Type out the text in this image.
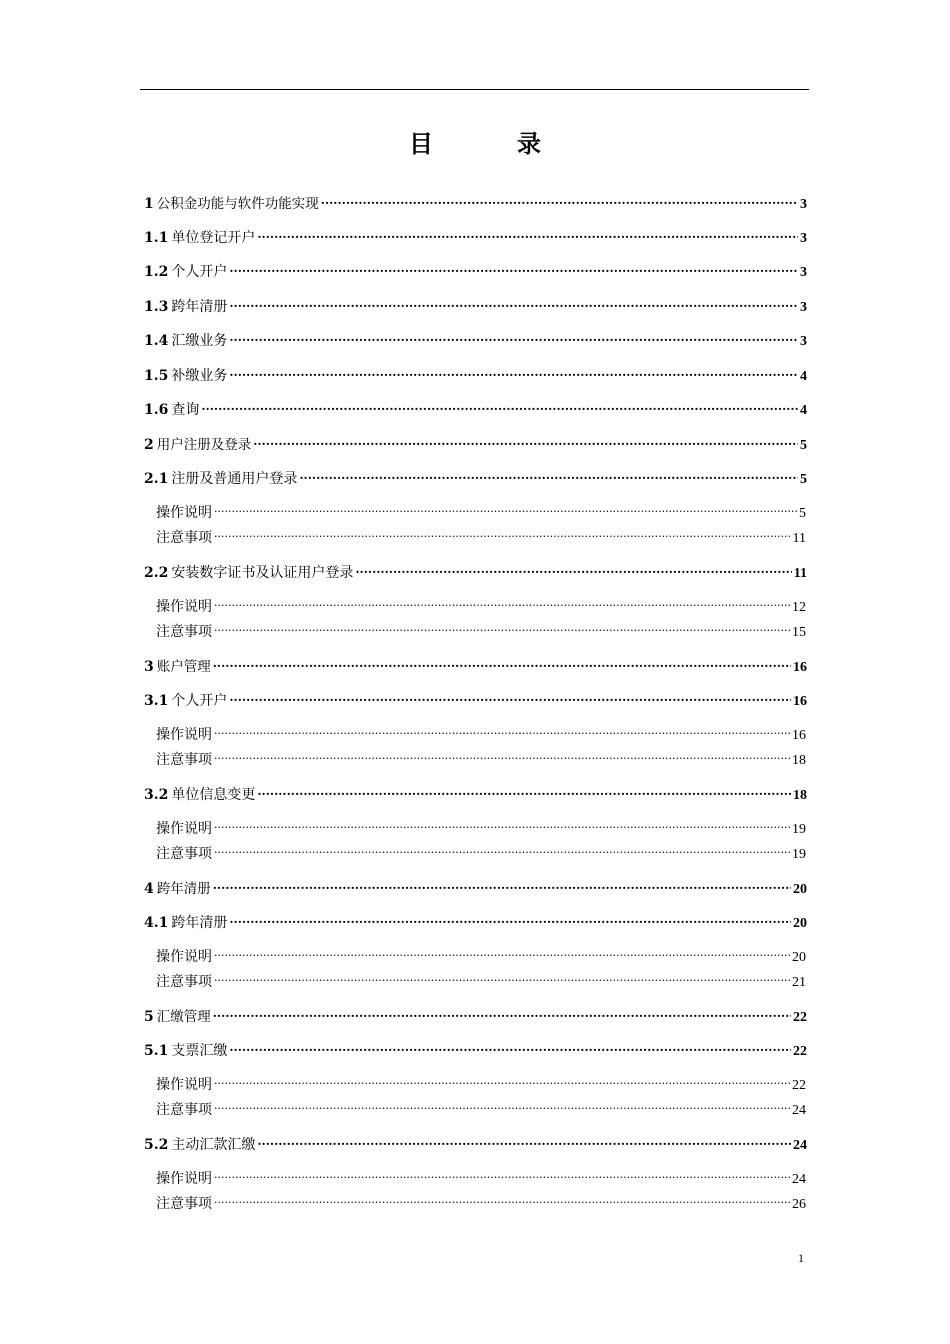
目　录
1 公积金功能与软件功能实现 .....	3
1.1 单位登记开户 .....	3
1.2 个人开户 .....	3
1.3 跨年清册 .....	3
1.4 汇缴业务 .....	3
1.5 补缴业务 .....	4
1.6 查询 .....	4
2 用户注册及登录 .....	5
2.1 注册及普通用户登录 .....	5
操作说明 .....	5
注意事项 .....	11
2.2 安装数字证书及认证用户登录 .....	11
操作说明 .....	12
注意事项 .....	15
3 账户管理 .....	16
3.1 个人开户 .....	16
操作说明 .....	16
注意事项 .....	18
3.2 单位信息变更 .....	18
操作说明 .....	19
注意事项 .....	19
4 跨年清册 .....	20
4.1 跨年清册 .....	20
操作说明 .....	20
注意事项 .....	21
5 汇缴管理 .....	22
5.1 支票汇缴 .....	22
操作说明 .....	22
注意事项 .....	24
5.2 主动汇款汇缴 .....	24
操作说明 .....	24
注意事项 .....	26
1
